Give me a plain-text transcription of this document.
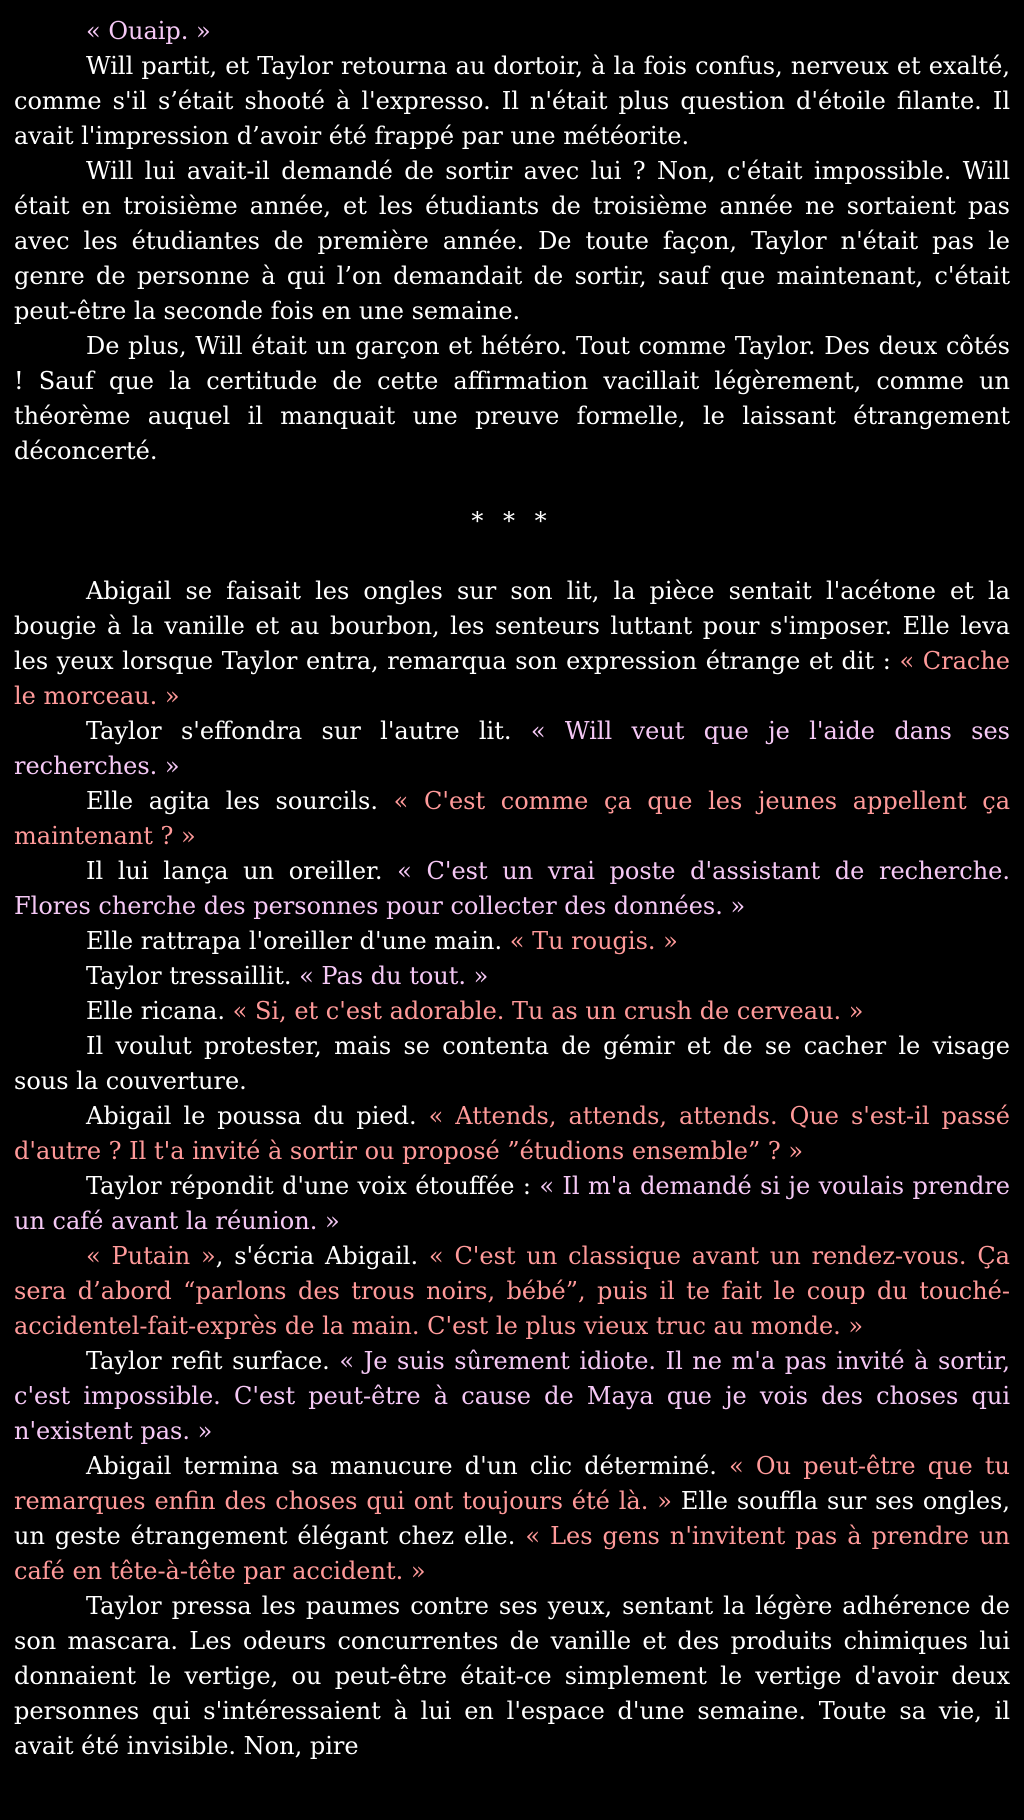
« Ouaip. »

Will partit, et Taylor retourna au dortoir, à la fois confus, nerveux et exalté, comme s'il s’était shooté à l'expresso. Il n'était plus question d'étoile filante. Il avait l'impression d’avoir été frappé par une météorite.

Will lui avait-il demandé de sortir avec lui ? Non, c'était impossible. Will était en troisième année, et les étudiants de troisième année ne sortaient pas avec les étudiantes de première année. De toute façon, Taylor n'était pas le genre de personne à qui l’on demandait de sortir, sauf que maintenant, c'était peut-être la seconde fois en une semaine.

De plus, Will était un garçon et hétéro. Tout comme Taylor. Des deux côtés ! Sauf que la certitude de cette affirmation vacillait légèrement, comme un théorème auquel il manquait une preuve formelle, le laissant étrangement déconcerté.

* * *

Abigail se faisait les ongles sur son lit, la pièce sentait l'acétone et la bougie à la vanille et au bourbon, les senteurs luttant pour s'imposer. Elle leva les yeux lorsque Taylor entra, remarqua son expression étrange et dit : « Crache le morceau. »

Taylor s'effondra sur l'autre lit. « Will veut que je l'aide dans ses recherches. »

Elle agita les sourcils. « C'est comme ça que les jeunes appellent ça maintenant ? »

Il lui lança un oreiller. « C'est un vrai poste d'assistant de recherche. Flores cherche des personnes pour collecter des données. »

Elle rattrapa l'oreiller d'une main. « Tu rougis. »

Taylor tressaillit. « Pas du tout. »

Elle ricana. « Si, et c'est adorable. Tu as un crush de cerveau. »

Il voulut protester, mais se contenta de gémir et de se cacher le visage sous la couverture.

Abigail le poussa du pied. « Attends, attends, attends. Que s'est-il passé d'autre ? Il t'a invité à sortir ou proposé ”étudions ensemble” ? »

Taylor répondit d'une voix étouffée : « Il m'a demandé si je voulais prendre un café avant la réunion. »

« Putain », s'écria Abigail. « C'est un classique avant un rendez-vous. Ça sera d’abord “parlons des trous noirs, bébé”, puis il te fait le coup du touché-accidentel-fait-exprès de la main. C'est le plus vieux truc au monde. »

Taylor refit surface. « Je suis sûrement idiote. Il ne m'a pas invité à sortir, c'est impossible. C'est peut-être à cause de Maya que je vois des choses qui n'existent pas. »

Abigail termina sa manucure d'un clic déterminé. « Ou peut-être que tu remarques enfin des choses qui ont toujours été là. » Elle souffla sur ses ongles, un geste étrangement élégant chez elle. « Les gens n'invitent pas à prendre un café en tête-à-tête par accident. »

Taylor pressa les paumes contre ses yeux, sentant la légère adhérence de son mascara. Les odeurs concurrentes de vanille et des produits chimiques lui donnaient le vertige, ou peut-être était-ce simplement le vertige d'avoir deux personnes qui s'intéressaient à lui en l'espace d'une semaine. Toute sa vie, il avait été invisible. Non, pire
